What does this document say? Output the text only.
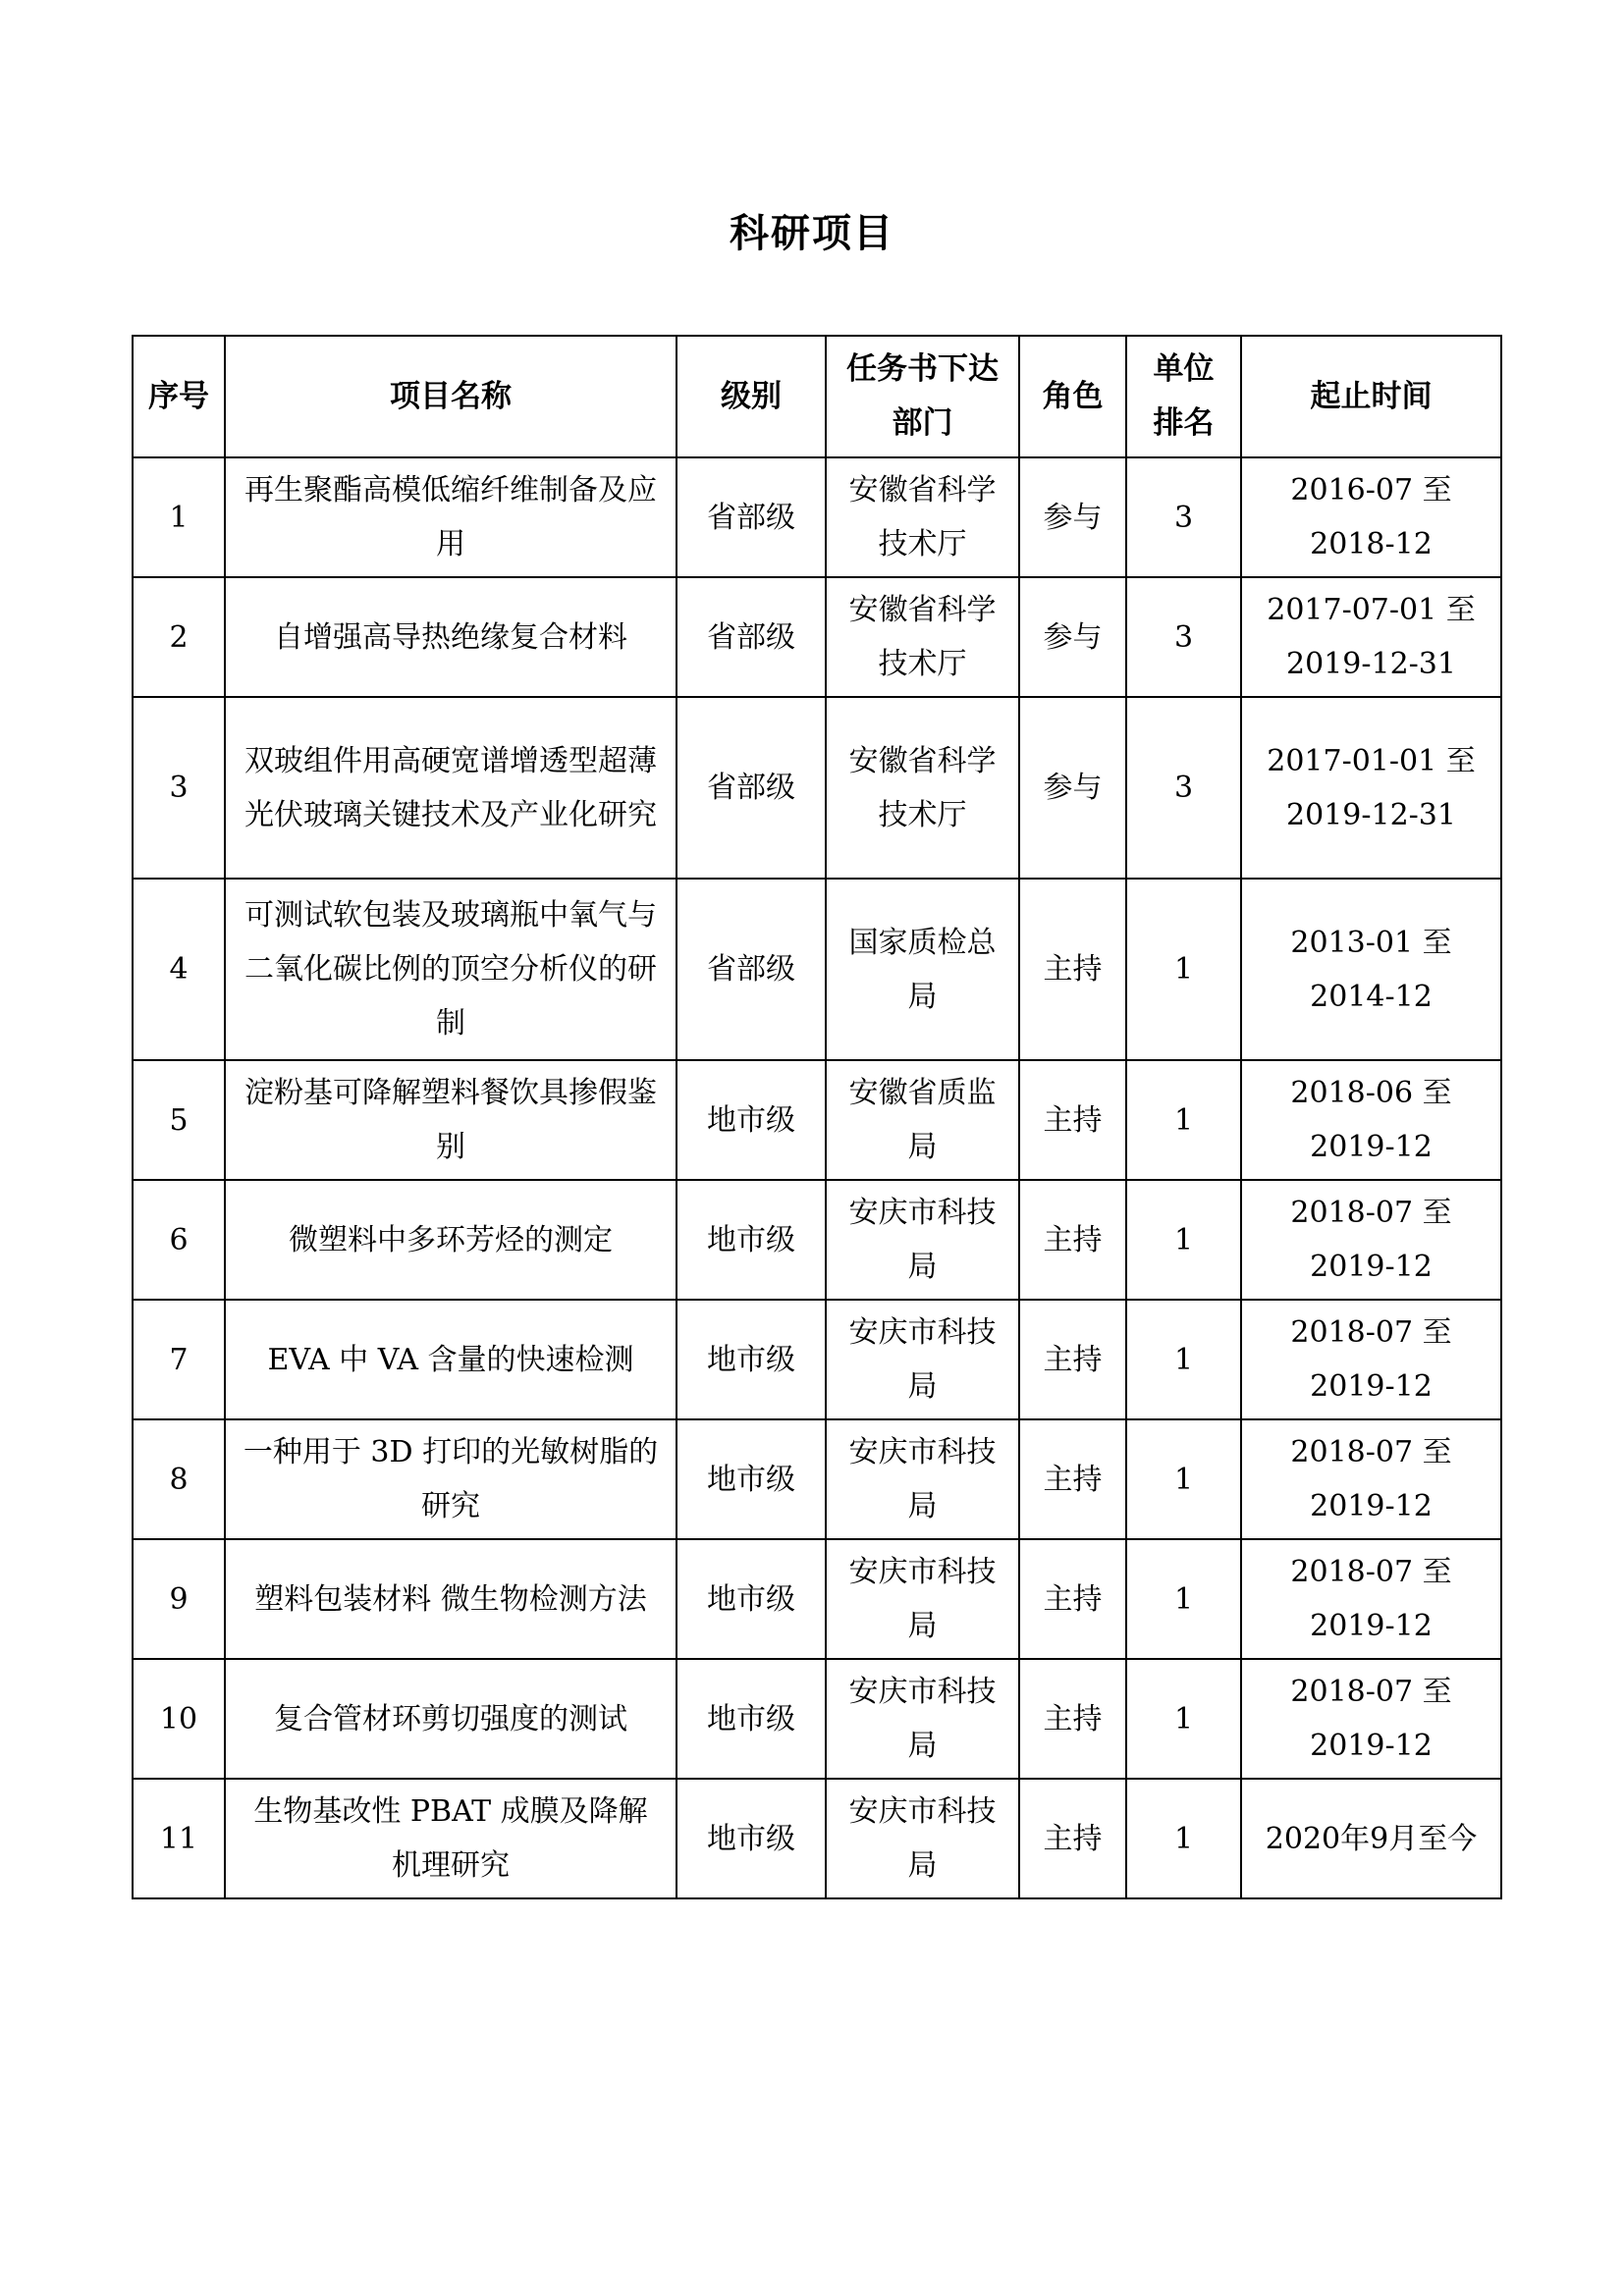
科研项目
序号	项目名称	级别	任务书下达部门	角色	单位排名	起止时间
1	再生聚酯高模低缩纤维制备及应用	省部级	安徽省科学技术厅	参与	3	2016-07 至 2018-12
2	自增强高导热绝缘复合材料	省部级	安徽省科学技术厅	参与	3	2017-07-01 至 2019-12-31
3	双玻组件用高硬宽谱增透型超薄光伏玻璃关键技术及产业化研究	省部级	安徽省科学技术厅	参与	3	2017-01-01 至 2019-12-31
4	可测试软包装及玻璃瓶中氧气与二氧化碳比例的顶空分析仪的研制	省部级	国家质检总局	主持	1	2013-01 至 2014-12
5	淀粉基可降解塑料餐饮具掺假鉴别	地市级	安徽省质监局	主持	1	2018-06 至 2019-12
6	微塑料中多环芳烃的测定	地市级	安庆市科技局	主持	1	2018-07 至 2019-12
7	EVA 中 VA 含量的快速检测	地市级	安庆市科技局	主持	1	2018-07 至 2019-12
8	一种用于 3D 打印的光敏树脂的研究	地市级	安庆市科技局	主持	1	2018-07 至 2019-12
9	塑料包装材料 微生物检测方法	地市级	安庆市科技局	主持	1	2018-07 至 2019-12
10	复合管材环剪切强度的测试	地市级	安庆市科技局	主持	1	2018-07 至 2019-12
11	生物基改性 PBAT 成膜及降解机理研究	地市级	安庆市科技局	主持	1	2020年9月至今
